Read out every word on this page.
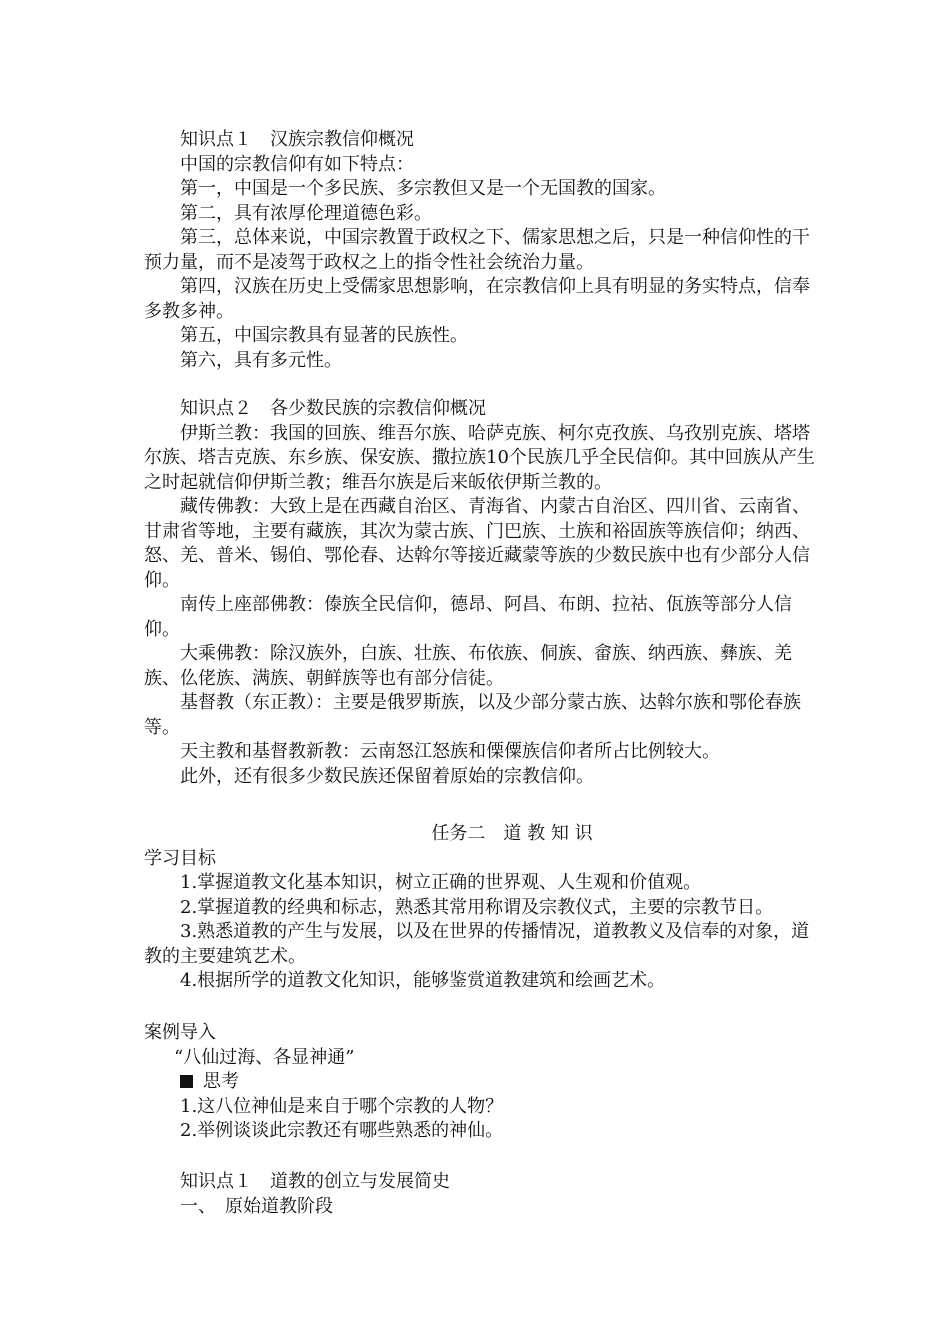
知识点１　汉族宗教信仰概况

中国的宗教信仰有如下特点：

第一，中国是一个多民族、多宗教但又是一个无国教的国家。

第二，具有浓厚伦理道德色彩。

第三，总体来说，中国宗教置于政权之下、儒家思想之后，只是一种信仰性的干预力量，而不是凌驾于政权之上的指令性社会统治力量。

第四，汉族在历史上受儒家思想影响，在宗教信仰上具有明显的务实特点，信奉多教多神。

第五，中国宗教具有显著的民族性。

第六，具有多元性。

知识点２　各少数民族的宗教信仰概况

伊斯兰教：我国的回族、维吾尔族、哈萨克族、柯尔克孜族、乌孜别克族、塔塔尔族、塔吉克族、东乡族、保安族、撒拉族10个民族几乎全民信仰。其中回族从产生之时起就信仰伊斯兰教；维吾尔族是后来皈依伊斯兰教的。

藏传佛教：大致上是在西藏自治区、青海省、内蒙古自治区、四川省、云南省、甘肃省等地，主要有藏族，其次为蒙古族、门巴族、土族和裕固族等族信仰；纳西、怒、羌、普米、锡伯、鄂伦春、达斡尔等接近藏蒙等族的少数民族中也有少部分人信仰。

南传上座部佛教：傣族全民信仰，德昂、阿昌、布朗、拉祜、佤族等部分人信仰。

大乘佛教：除汉族外，白族、壮族、布依族、侗族、畲族、纳西族、彝族、羌族、仫佬族、满族、朝鲜族等也有部分信徒。

基督教（东正教）：主要是俄罗斯族，以及少部分蒙古族、达斡尔族和鄂伦春族等。

天主教和基督教新教：云南怒江怒族和傈僳族信仰者所占比例较大。

此外，还有很多少数民族还保留着原始的宗教信仰。

任务二　道 教 知 识

学习目标

1.掌握道教文化基本知识，树立正确的世界观、人生观和价值观。

2.掌握道教的经典和标志，熟悉其常用称谓及宗教仪式，主要的宗教节日。

3.熟悉道教的产生与发展，以及在世界的传播情况，道教教义及信奉的对象，道教的主要建筑艺术。

4.根据所学的道教文化知识，能够鉴赏道教建筑和绘画艺术。

案例导入

“八仙过海、各显神通”

思考

1.这八位神仙是来自于哪个宗教的人物？

2.举例谈谈此宗教还有哪些熟悉的神仙。

知识点１　道教的创立与发展简史

一、　原始道教阶段
